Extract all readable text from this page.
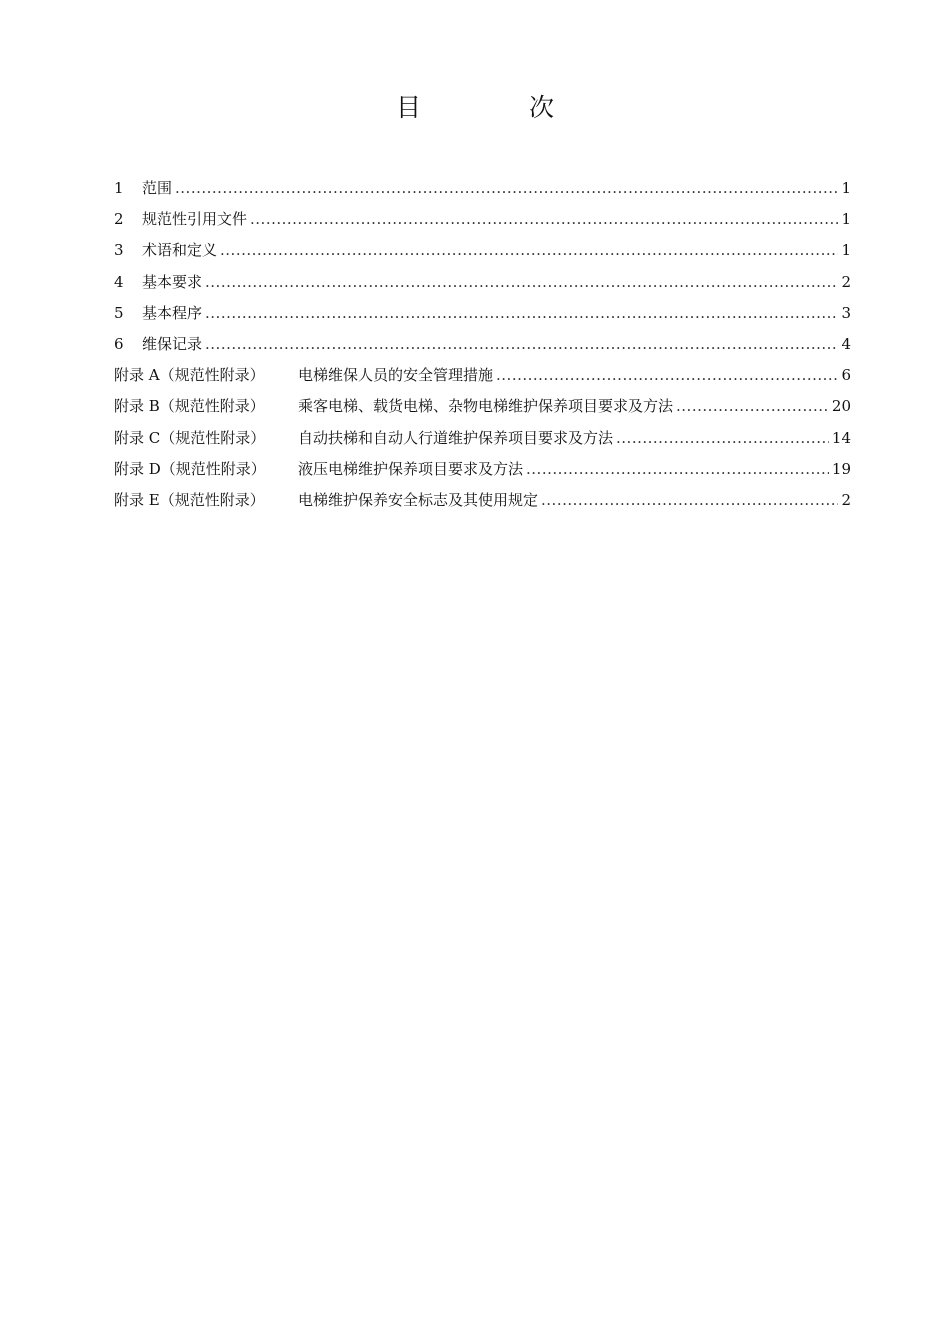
目 次
1	范围 .....	1
2	规范性引用文件 .....	1
3	术语和定义 .....	1
4	基本要求 .....	2
5	基本程序 .....	3
6	维保记录 .....	4
附录 A（规范性附录）	电梯维保人员的安全管理措施 .....	6
附录 B（规范性附录）	乘客电梯、载货电梯、杂物电梯维护保养项目要求及方法 .....	20
附录 C（规范性附录）	自动扶梯和自动人行道维护保养项目要求及方法 .....	14
附录 D（规范性附录）	液压电梯维护保养项目要求及方法 .....	19
附录 E（规范性附录）	电梯维护保养安全标志及其使用规定 .....	2
